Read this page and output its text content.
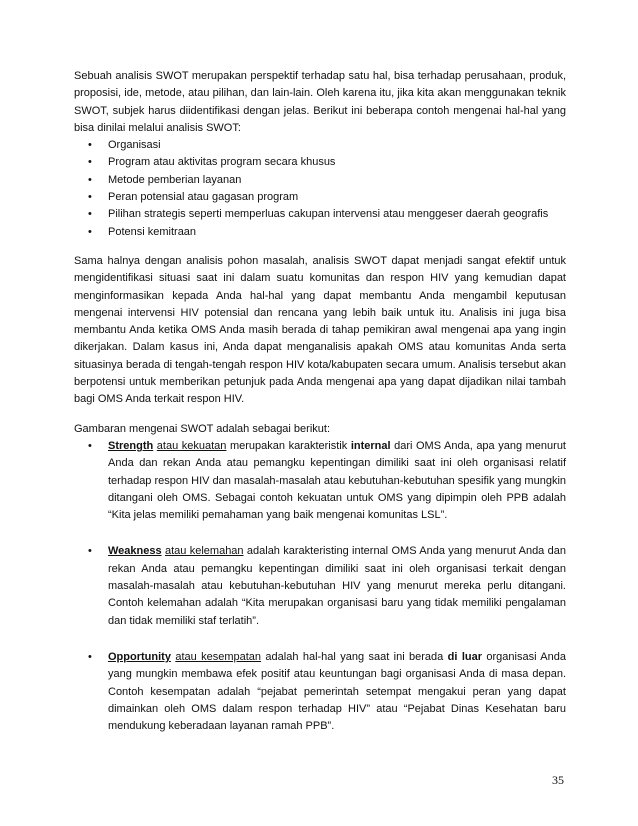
Sebuah analisis SWOT merupakan perspektif terhadap satu hal, bisa terhadap perusahaan, produk, proposisi, ide, metode, atau pilihan, dan lain-lain. Oleh karena itu, jika kita akan menggunakan teknik SWOT, subjek harus diidentifikasi dengan jelas. Berikut ini beberapa contoh mengenai hal-hal yang bisa dinilai melalui analisis SWOT:

• Organisasi
• Program atau aktivitas program secara khusus
• Metode pemberian layanan
• Peran potensial atau gagasan program
• Pilihan strategis seperti memperluas cakupan intervensi atau menggeser daerah geografis
• Potensi kemitraan

Sama halnya dengan analisis pohon masalah, analisis SWOT dapat menjadi sangat efektif untuk mengidentifikasi situasi saat ini dalam suatu komunitas dan respon HIV yang kemudian dapat menginformasikan kepada Anda hal-hal yang dapat membantu Anda mengambil keputusan mengenai intervensi HIV potensial dan rencana yang lebih baik untuk itu. Analisis ini juga bisa membantu Anda ketika OMS Anda masih berada di tahap pemikiran awal mengenai apa yang ingin dikerjakan. Dalam kasus ini, Anda dapat menganalisis apakah OMS atau komunitas Anda serta situasinya berada di tengah-tengah respon HIV kota/kabupaten secara umum. Analisis tersebut akan berpotensi untuk memberikan petunjuk pada Anda mengenai apa yang dapat dijadikan nilai tambah bagi OMS Anda terkait respon HIV.

Gambaran mengenai SWOT adalah sebagai berikut:

• Strength atau kekuatan merupakan karakteristik internal dari OMS Anda, apa yang menurut Anda dan rekan Anda atau pemangku kepentingan dimiliki saat ini oleh organisasi relatif terhadap respon HIV dan masalah-masalah atau kebutuhan-kebutuhan spesifik yang mungkin ditangani oleh OMS. Sebagai contoh kekuatan untuk OMS yang dipimpin oleh PPB adalah “Kita jelas memiliki pemahaman yang baik mengenai komunitas LSL”.
• Weakness atau kelemahan adalah karakteristing internal OMS Anda yang menurut Anda dan rekan Anda atau pemangku kepentingan dimiliki saat ini oleh organisasi terkait dengan masalah-masalah atau kebutuhan-kebutuhan HIV yang menurut mereka perlu ditangani. Contoh kelemahan adalah “Kita merupakan organisasi baru yang tidak memiliki pengalaman dan tidak memiliki staf terlatih”.
• Opportunity atau kesempatan adalah hal-hal yang saat ini berada di luar organisasi Anda yang mungkin membawa efek positif atau keuntungan bagi organisasi Anda di masa depan. Contoh kesempatan adalah “pejabat pemerintah setempat mengakui peran yang dapat dimainkan oleh OMS dalam respon terhadap HIV” atau “Pejabat Dinas Kesehatan baru mendukung keberadaan layanan ramah PPB”.
35
